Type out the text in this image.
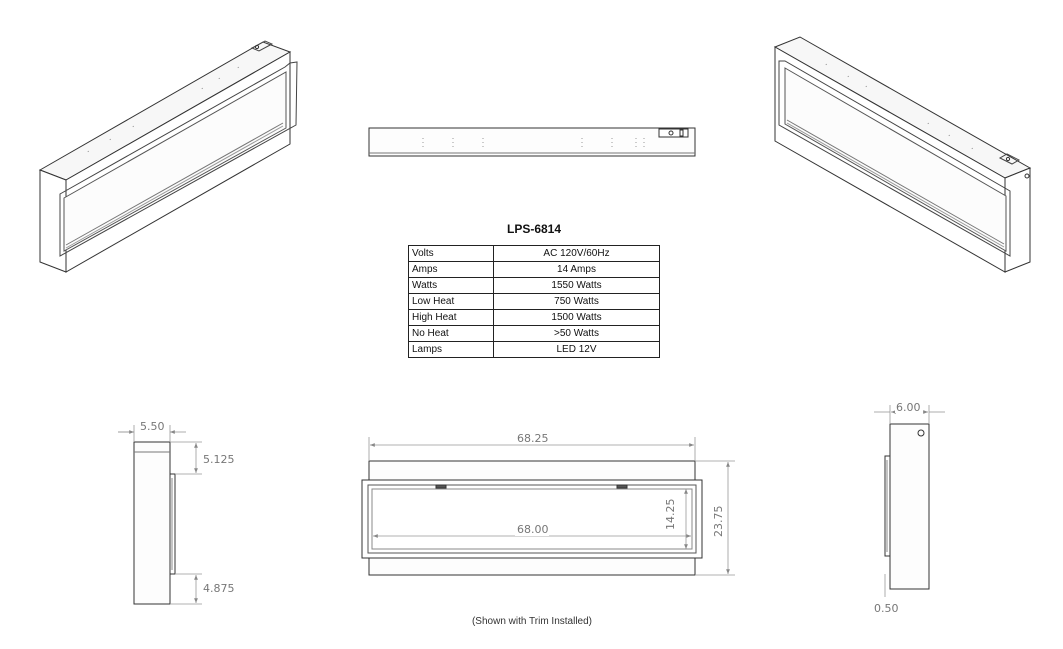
5.50
5.125
4.875
68.25
68.00	14.25	23.75
6.00
0.50
LPS-6814
Volts	AC 120V/60Hz
Amps	14 Amps
Watts	1550 Watts
Low Heat	750 Watts
High Heat	1500 Watts
No Heat	>50 Watts
Lamps	LED 12V
(Shown with Trim Installed)
